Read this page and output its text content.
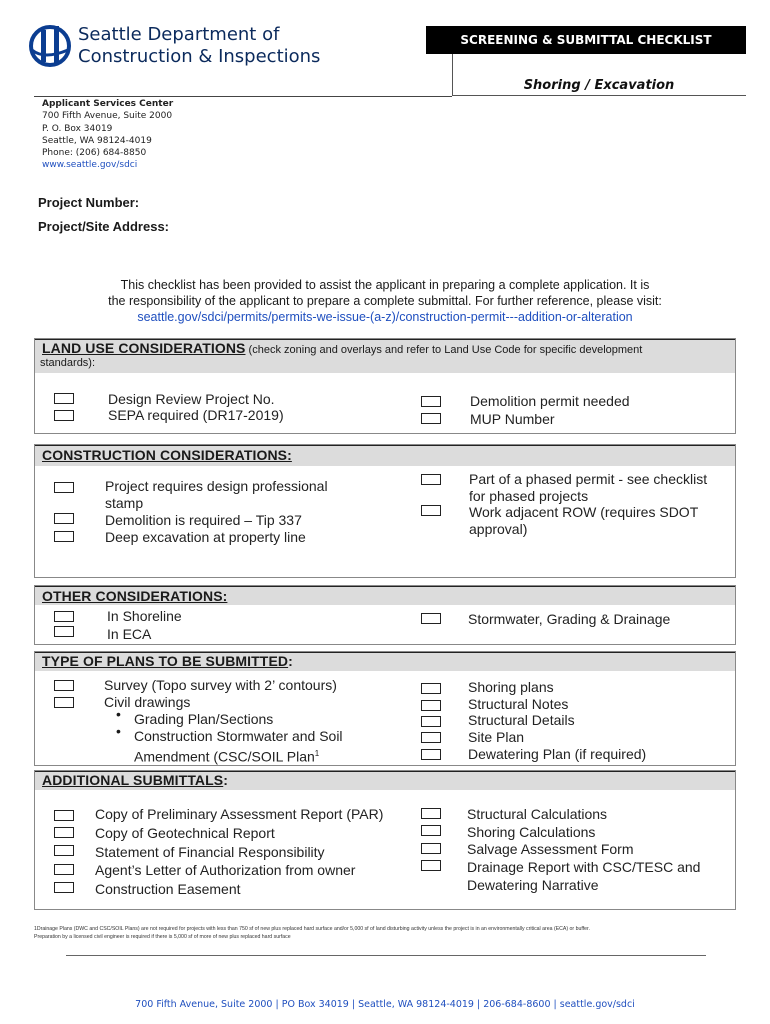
Seattle Department of
Construction & Inspections
SCREENING & SUBMITTAL CHECKLIST
Shoring / Excavation
Applicant Services Center
700 Fifth Avenue, Suite 2000
P. O. Box 34019
Seattle, WA 98124-4019
Phone: (206) 684-8850
www.seattle.gov/sdci
Project Number:
Project/Site Address:
This checklist has been provided to assist the applicant in preparing a complete application. It is
the responsibility of the applicant to prepare a complete submittal. For further reference, please visit:
seattle.gov/sdci/permits/permits-we-issue-(a-z)/construction-permit---addition-or-alteration
LAND USE CONSIDERATIONS (check zoning and overlays and refer to Land Use Code for specific development
standards):
Design Review Project No.
SEPA required (DR17-2019)
Demolition permit needed
MUP Number
CONSTRUCTION CONSIDERATIONS:
Project requires design professional
stamp
Demolition is required – Tip 337
Deep excavation at property line
Part of a phased permit - see checklist
for phased projects
Work adjacent ROW (requires SDOT
approval)
OTHER CONSIDERATIONS:
In Shoreline
In ECA
Stormwater, Grading & Drainage
TYPE OF PLANS TO BE SUBMITTED:
Survey (Topo survey with 2’ contours)
Civil drawings
• Grading Plan/Sections
• Construction Stormwater and Soil
Amendment (CSC/SOIL Plan$^1$
Shoring plans
Structural Notes
Structural Details
Site Plan
Dewatering Plan (if required)
ADDITIONAL SUBMITTALS:
Copy of Preliminary Assessment Report (PAR)
Copy of Geotechnical Report
Statement of Financial Responsibility
Agent’s Letter of Authorization from owner
Construction Easement
Structural Calculations
Shoring Calculations
Salvage Assessment Form
Drainage Report with CSC/TESC and
Dewatering Narrative
1Drainage Plans (DWC and CSC/SOIL Plans) are not required for projects with less than 750 sf of new plus replaced hard surface and/or 5,000 sf of land disturbing activity unless the project is in an environmentally critical area (ECA) or buffer.
Preparation by a licensed civil engineer is required if there is 5,000 sf of more of new plus replaced hard surface
700 Fifth Avenue, Suite 2000 | PO Box 34019 | Seattle, WA 98124-4019 | 206-684-8600 | seattle.gov/sdci
